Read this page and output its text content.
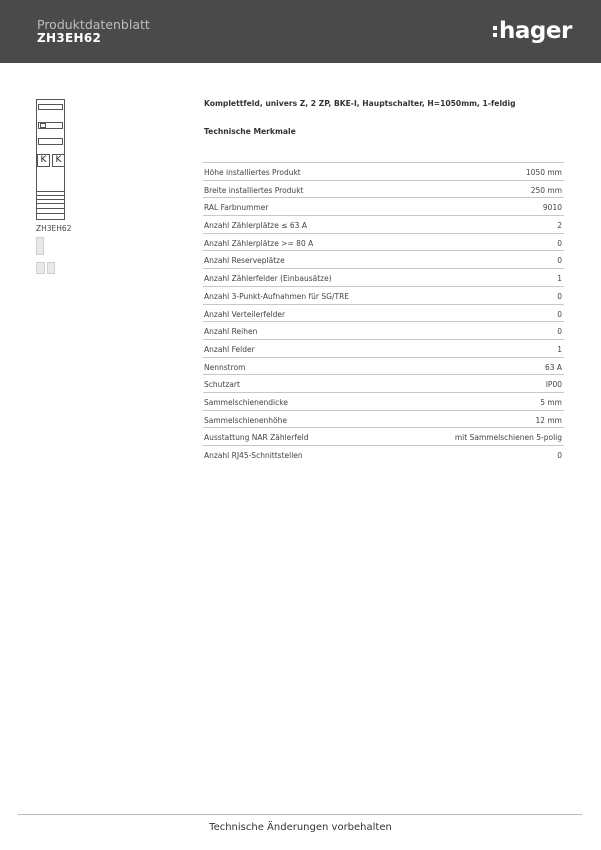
Produktdatenblatt
ZH3EH62	hager
K	K
ZH3EH62
Komplettfeld, univers Z, 2 ZP, BKE-I, Hauptschalter, H=1050mm, 1-feldig
Technische Merkmale
Höhe installiertes Produkt	1050 mm
Breite installiertes Produkt	250 mm
RAL Farbnummer	9010
Anzahl Zählerplätze ≤ 63 A	2
Anzahl Zählerplätze >= 80 A	0
Anzahl Reserveplätze	0
Anzahl Zählerfelder (Einbausätze)	1
Anzahl 3-Punkt-Aufnahmen für SG/TRE	0
Anzahl Verteilerfelder	0
Anzahl Reihen	0
Anzahl Felder	1
Nennstrom	63 A
Schutzart	IP00
Sammelschienendicke	5 mm
Sammelschienenhöhe	12 mm
Ausstattung NAR Zählerfeld	mit Sammelschienen 5-polig
Anzahl RJ45-Schnittstellen	0
Technische Änderungen vorbehalten
